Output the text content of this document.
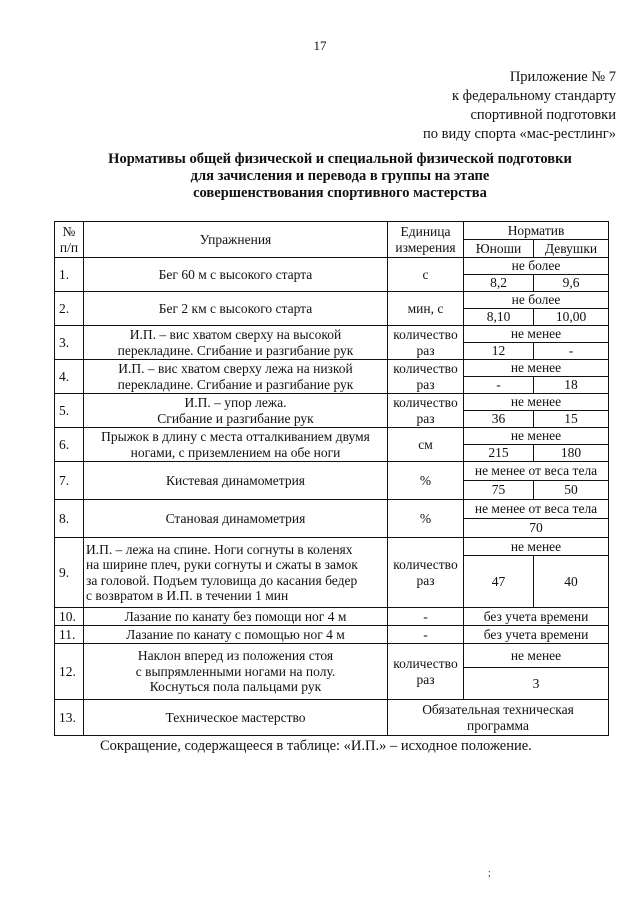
17
Приложение № 7
к федеральному стандарту
спортивной подготовки
по виду спорта «мас-рестлинг»
Нормативы общей физической и специальной физической подготовки
для зачисления и перевода в группы на этапе
совершенствования спортивного мастерства
№
п/п	Упражнения	Единица
измерения	Норматив	
			Юноши	Девушки
1.	Бег 60 м с высокого старта	с	не более	
			8,2	9,6
2.	Бег 2 км с высокого старта	мин, с	не более	
			8,10	10,00
3.	И.П. – вис хватом сверху на высокой
перекладине. Сгибание и разгибание рук	количество
раз	не менее	
			12	-
4.	И.П. – вис хватом сверху лежа на низкой
перекладине. Сгибание и разгибание рук	количество
раз	не менее	
			-	18
5.	И.П. – упор лежа.
Сгибание и разгибание рук	количество
раз	не менее	
			36	15
6.	Прыжок в длину с места отталкиванием двумя
ногами, с приземлением на обе ноги	см	не менее	
			215	180
7.	Кистевая динамометрия	%	не менее от веса тела	
			75	50
8.	Становая динамометрия	%	не менее от веса тела	
			70	
9.	И.П. – лежа на спине. Ноги согнуты в коленях
на ширине плеч, руки согнуты и сжаты в замок
за головой. Подъем туловища до касания бедер
с возвратом в И.П. в течении 1 мин	количество
раз	не менее	
			47	40
10.	Лазание по канату без помощи ног 4 м	-	без учета времени	
11.	Лазание по канату с помощью ног 4 м	-	без учета времени	
12.	Наклон вперед из положения стоя
с выпрямленными ногами на полу.
Коснуться пола пальцами рук	количество
раз	не менее	
			3	
13.	Техническое мастерство	Обязательная техническая
программа		
Сокращение, содержащееся в таблице: «И.П.» – исходное положение.
;
